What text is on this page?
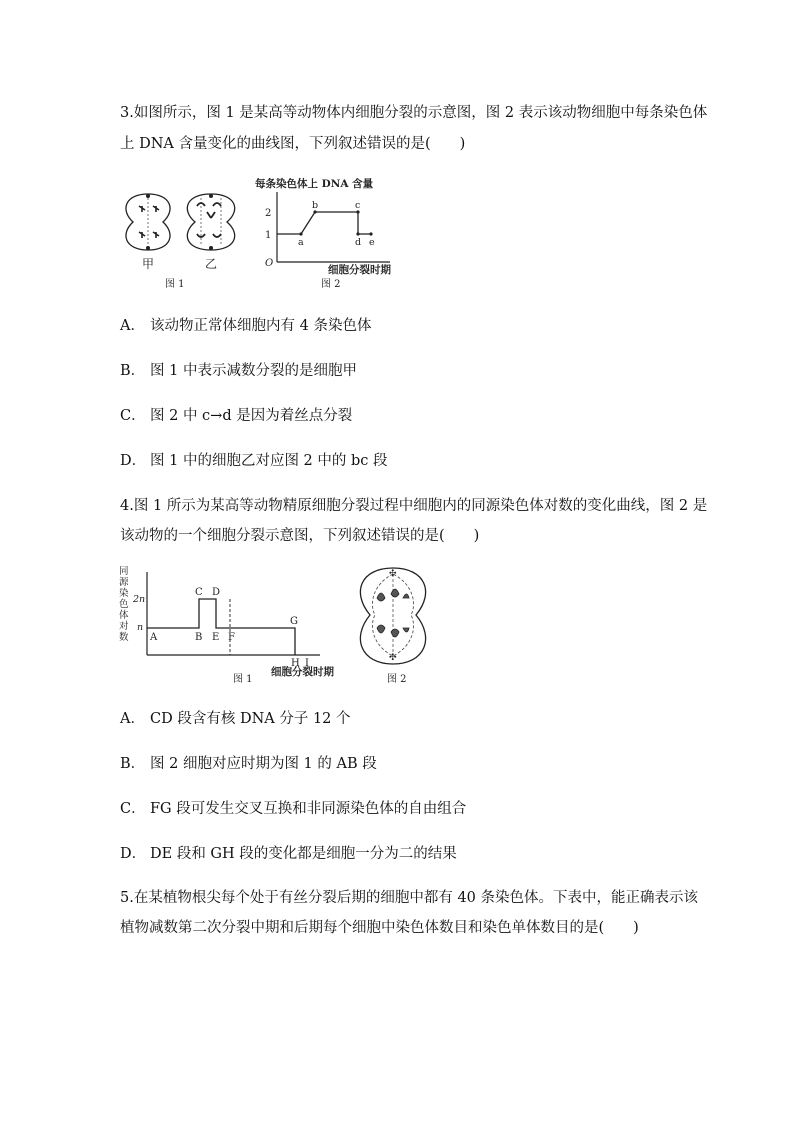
3.如图所示，图 1 是某高等动物体内细胞分裂的示意图，图 2 表示该动物细胞中每条染色体
上 DNA 含量变化的曲线图，下列叙述错误的是(　　)
甲	乙
图 1
每条染色体上 DNA 含量
O
1
2
a
b	c
d e
细胞分裂时期
图 2
A． 该动物正常体细胞内有 4 条染色体
B． 图 1 中表示减数分裂的是细胞甲
C． 图 2 中 c→d 是因为着丝点分裂
D． 图 1 中的细胞乙对应图 2 中的 bc 段
4.图 1 所示为某高等动物精原细胞分裂过程中细胞内的同源染色体对数的变化曲线，图 2 是
该动物的一个细胞分裂示意图，下列叙述错误的是(　　)
同
源
染
色
体
对
数
2n
n
A	B
C D
E F
G
H I
细胞分裂时期
图 1
✣
✣
图 2
A． CD 段含有核 DNA 分子 12 个
B． 图 2 细胞对应时期为图 1 的 AB 段
C． FG 段可发生交叉互换和非同源染色体的自由组合
D． DE 段和 GH 段的变化都是细胞一分为二的结果
5.在某植物根尖每个处于有丝分裂后期的细胞中都有 40 条染色体。下表中，能正确表示该
植物减数第二次分裂中期和后期每个细胞中染色体数目和染色单体数目的是(　　)
